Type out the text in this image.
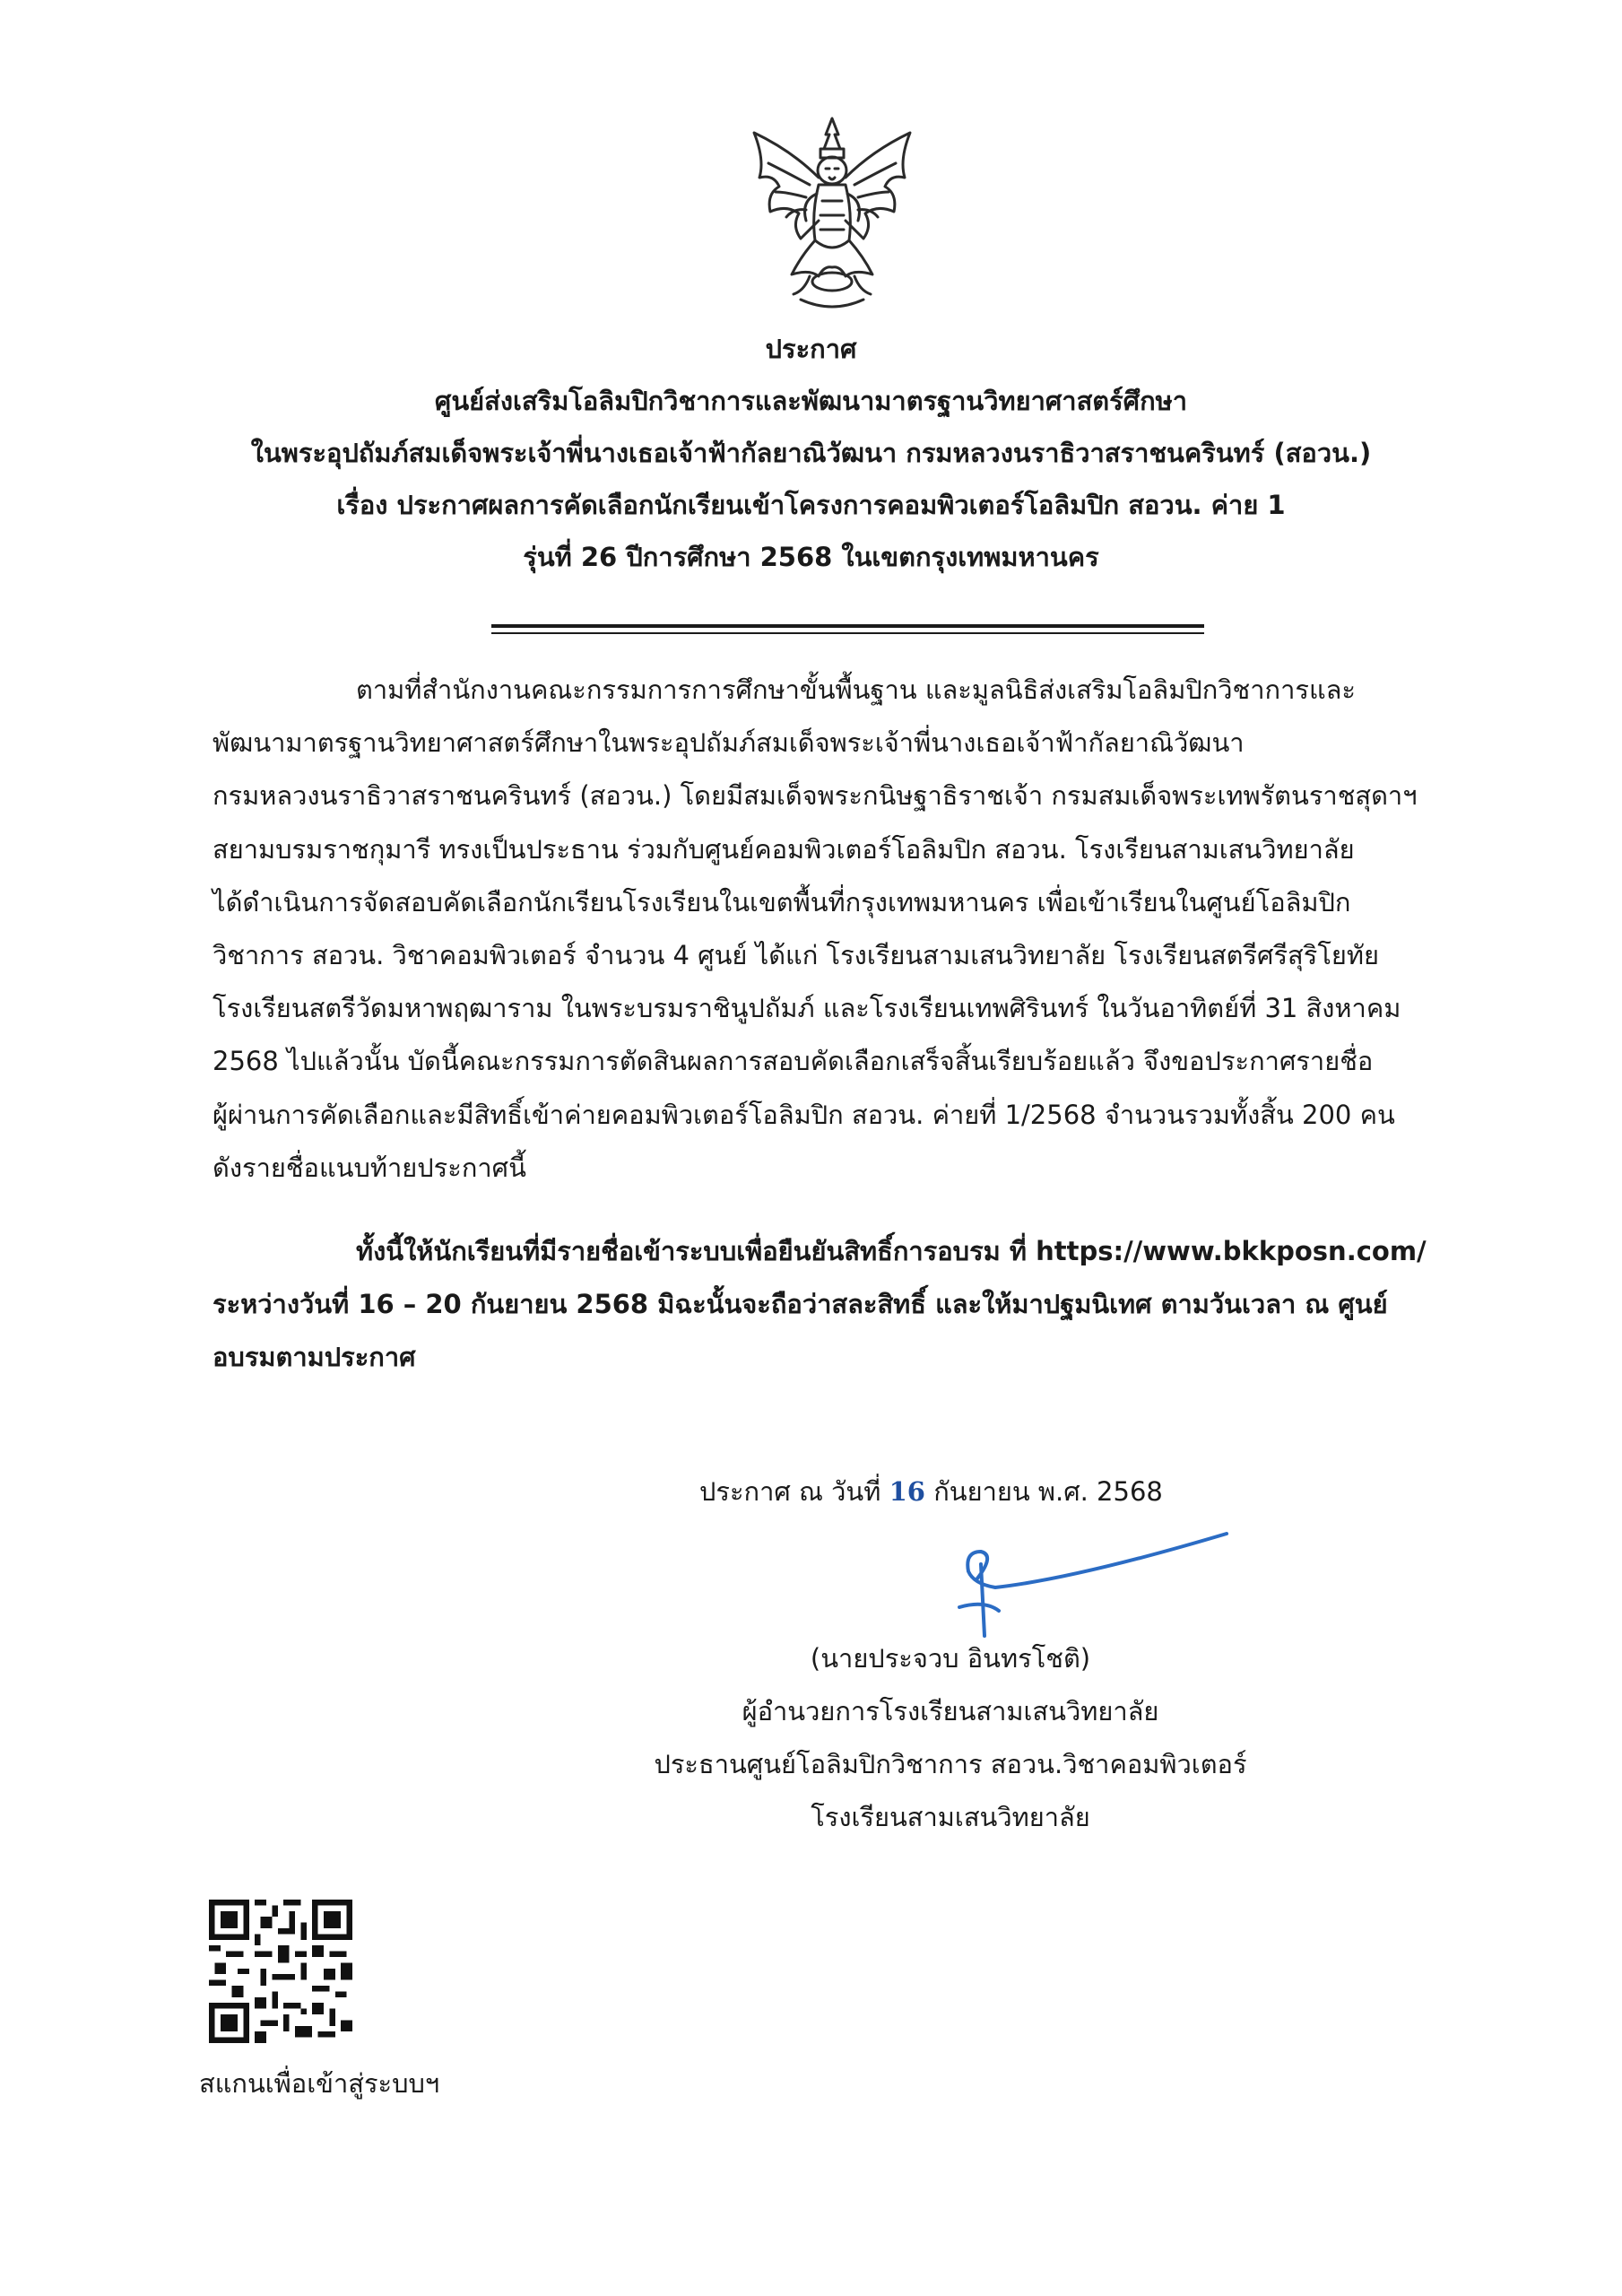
ประกาศ
ศูนย์ส่งเสริมโอลิมปิกวิชาการและพัฒนามาตรฐานวิทยาศาสตร์ศึกษา
ในพระอุปถัมภ์สมเด็จพระเจ้าพี่นางเธอเจ้าฟ้ากัลยาณิวัฒนา กรมหลวงนราธิวาสราชนครินทร์ (สอวน.)
เรื่อง ประกาศผลการคัดเลือกนักเรียนเข้าโครงการคอมพิวเตอร์โอลิมปิก สอวน. ค่าย 1
รุ่นที่ 26 ปีการศึกษา 2568 ในเขตกรุงเทพมหานคร
ตามที่สำนักงานคณะกรรมการการศึกษาขั้นพื้นฐาน และมูลนิธิส่งเสริมโอลิมปิกวิชาการและ
พัฒนามาตรฐานวิทยาศาสตร์ศึกษาในพระอุปถัมภ์สมเด็จพระเจ้าพี่นางเธอเจ้าฟ้ากัลยาณิวัฒนา
กรมหลวงนราธิวาสราชนครินทร์ (สอวน.) โดยมีสมเด็จพระกนิษฐาธิราชเจ้า กรมสมเด็จพระเทพรัตนราชสุดาฯ
สยามบรมราชกุมารี ทรงเป็นประธาน ร่วมกับศูนย์คอมพิวเตอร์โอลิมปิก สอวน. โรงเรียนสามเสนวิทยาลัย
ได้ดำเนินการจัดสอบคัดเลือกนักเรียนโรงเรียนในเขตพื้นที่กรุงเทพมหานคร เพื่อเข้าเรียนในศูนย์โอลิมปิก
วิชาการ สอวน. วิชาคอมพิวเตอร์ จำนวน 4 ศูนย์ ได้แก่ โรงเรียนสามเสนวิทยาลัย โรงเรียนสตรีศรีสุริโยทัย
โรงเรียนสตรีวัดมหาพฤฒาราม ในพระบรมราชินูปถัมภ์ และโรงเรียนเทพศิรินทร์ ในวันอาทิตย์ที่ 31 สิงหาคม
2568 ไปแล้วนั้น บัดนี้คณะกรรมการตัดสินผลการสอบคัดเลือกเสร็จสิ้นเรียบร้อยแล้ว จึงขอประกาศรายชื่อ
ผู้ผ่านการคัดเลือกและมีสิทธิ์เข้าค่ายคอมพิวเตอร์โอลิมปิก สอวน. ค่ายที่ 1/2568 จำนวนรวมทั้งสิ้น 200 คน
ดังรายชื่อแนบท้ายประกาศนี้
ทั้งนี้ให้นักเรียนที่มีรายชื่อเข้าระบบเพื่อยืนยันสิทธิ์การอบรม ที่ https://www.bkkposn.com/
ระหว่างวันที่ 16 – 20 กันยายน 2568 มิฉะนั้นจะถือว่าสละสิทธิ์ และให้มาปฐมนิเทศ ตามวันเวลา ณ ศูนย์
อบรมตามประกาศ
ประกาศ ณ วันที่ 16 กันยายน พ.ศ. 2568
(นายประจวบ อินทรโชติ)
ผู้อำนวยการโรงเรียนสามเสนวิทยาลัย
ประธานศูนย์โอลิมปิกวิชาการ สอวน.วิชาคอมพิวเตอร์
โรงเรียนสามเสนวิทยาลัย
สแกนเพื่อเข้าสู่ระบบฯ
